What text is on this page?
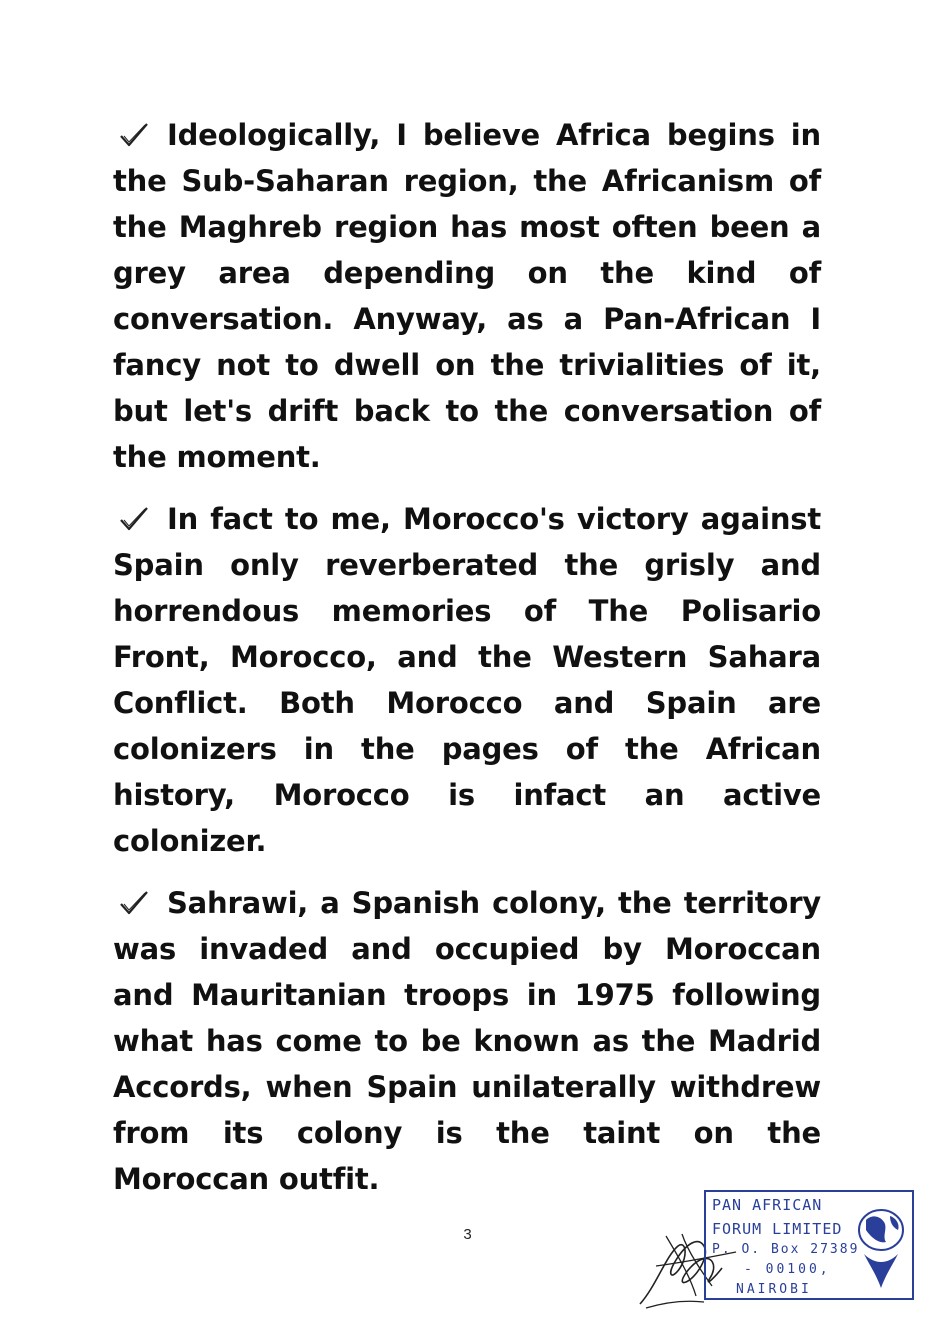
Ideologically, I believe Africa begins in the Sub-Saharan region, the Africanism of the Maghreb region has most often been a grey area depending on the kind of conversation. Anyway, as a Pan-African I fancy not to dwell on the trivialities of it, but let's drift back to the conversation of the moment.

In fact to me, Morocco's victory against Spain only reverberated the grisly and horrendous memories of The Polisario Front, Morocco, and the Western Sahara Conflict. Both Morocco and Spain are colonizers in the pages of the African history, Morocco is infact an active colonizer.

Sahrawi, a Spanish colony, the territory was invaded and occupied by Moroccan and Mauritanian troops in 1975 following what has come to be known as the Madrid Accords, when Spain unilaterally withdrew from its colony is the taint on the Moroccan outfit.

3
PAN AFRICAN
FORUM LIMITED
P. O. Box 27389
- 00100,
NAIROBI
